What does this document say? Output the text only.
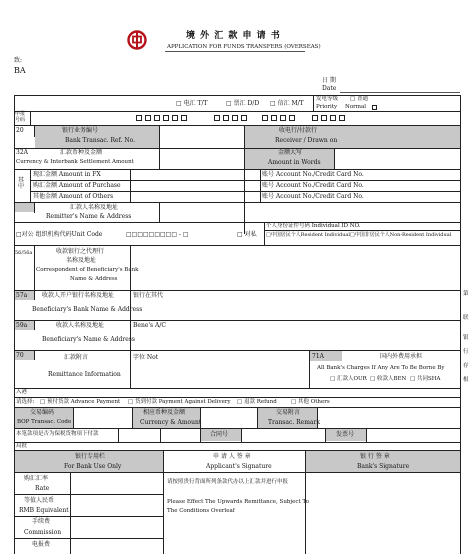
境 外 汇 款 申 请 书
APPLICATION FOR FUNDS TRANSFERS (OVERSEAS)
致:
BA
日 期
Date
□ 电汇 T/T	□ 票汇 D/D □ 信汇 M/T
发电等级
Priority
□ 普通
Normal
申报
号码
20	银行业务编号
Bank Transac. Ref. No.
收电行/付款行
Receiver / Drawn on
32A	汇款币种及金额
Currency & Interbank Settlement Amount
金额大写
Amount in Words
其 中
现汇金额 Amount in FX	账号 Account No./Credit Card No.
购汇金额 Amount of Purchase	账号 Account No./Credit Card No.
其他金额 Amount of Others	账号 Account No./Credit Card No.
汇款人名称及地址
Remitter's Name & Address
□对公 组织机构代码Unit Code	□□□□□□□□□ - □	□ 对私
个人身份证件号码 Individual ID NO.
□中国居民个人Resident Individual □中国非居民个人Non-Resident Individual
56/56a	收款银行之代理行
名称及地址
Correspondent of Beneficiary's Bank
Name & Address
57a 收款人开户银行名称及地址
Beneficiary's Bank Name & Address
银行在其代
59a	收款人名称及地址
Beneficiary's Name & Address
Bene's A/C
70	汇款附言
Remittance Information
字位 Not	71A	国内外费用承担
All Bank's Charges If Any Are To Be Borne By
□ 汇款人OUR □ 收款人BEN □ 共同SHA
入港
请选择: □ 预付货款 Advance Payment □ 货到付款 Payment Against Delivery □ 退款 Refund	□ 其他 Others
交易编码
BOP Transac. Code
相应币种及金额
Currency & Amount
交易附言
Transac. Remark
本笔款项是否为保税货物项下付款	合同号	发票号
局批
银行专用栏
For Bank Use Only
申 请 人 签 章
Applicant's Signature
银 行 签 章
Bank's Signature
购汇汇率
Rate
等值人民币
RMB Equivalent
手续费
Commission
电报费
请按照贵行背面所列条款代办以上汇款并进行申报
Please Effect The Upwards Remittance, Subject To
The Conditions Overleaf
第
联
银
行
存
根
